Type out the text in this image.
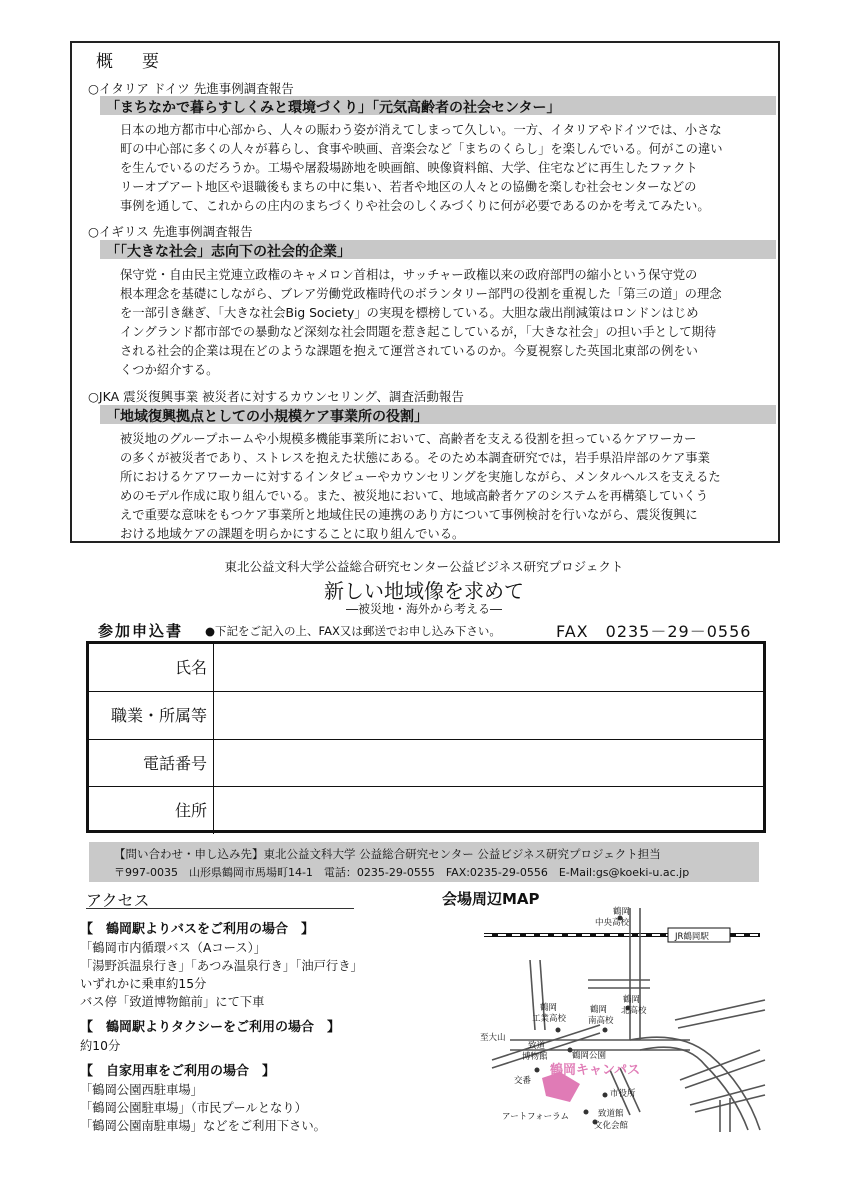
概　要
○イタリア ドイツ 先進事例調査報告
「まちなかで暮らすしくみと環境づくり」「元気高齢者の社会センター」
日本の地方都市中心部から、人々の賑わう姿が消えてしまって久しい。一方、イタリアやドイツでは、小さな
町の中心部に多くの人々が暮らし、食事や映画、音楽会など「まちのくらし」を楽しんでいる。何がこの違い
を生んでいるのだろうか。工場や屠殺場跡地を映画館、映像資料館、大学、住宅などに再生したファクト
リーオブアート地区や退職後もまちの中に集い、若者や地区の人々との協働を楽しむ社会センターなどの
事例を通して、これからの庄内のまちづくりや社会のしくみづくりに何が必要であるのかを考えてみたい。
○イギリス 先進事例調査報告
「「大きな社会」志向下の社会的企業」
保守党・自由民主党連立政権のキャメロン首相は，サッチャー政権以来の政府部門の縮小という保守党の
根本理念を基礎にしながら、ブレア労働党政権時代のボランタリー部門の役割を重視した「第三の道」の理念
を一部引き継ぎ、「大きな社会Big Society」の実現を標榜している。大胆な歳出削減策はロンドンはじめ
イングランド都市部での暴動など深刻な社会問題を惹き起こしているが，「大きな社会」の担い手として期待
される社会的企業は現在どのような課題を抱えて運営されているのか。今夏視察した英国北東部の例をい
くつか紹介する。
○JKA 震災復興事業 被災者に対するカウンセリング、調査活動報告
「地域復興拠点としての小規模ケア事業所の役割」
被災地のグループホームや小規模多機能事業所において、高齢者を支える役割を担っているケアワーカー
の多くが被災者であり、ストレスを抱えた状態にある。そのため本調査研究では，岩手県沿岸部のケア事業
所におけるケアワーカーに対するインタビューやカウンセリングを実施しながら、メンタルヘルスを支えるた
めのモデル作成に取り組んでいる。また、被災地において、地域高齢者ケアのシステムを再構築していくう
えで重要な意味をもつケア事業所と地域住民の連携のあり方について事例検討を行いながら、震災復興に
おける地域ケアの課題を明らかにすることに取り組んでいる。
東北公益文科大学公益総合研究センター公益ビジネス研究プロジェクト
新しい地域像を求めて
―被災地・海外から考える―
参加申込書 ●下記をご記入の上、FAX又は郵送でお申し込み下さい。	FAX　0235－29－0556
氏名
職業・所属等
電話番号
住所
【問い合わせ・申し込み先】東北公益文科大学 公益総合研究センター 公益ビジネス研究プロジェクト担当
〒997-0035　山形県鶴岡市馬場町14-1　電話：0235-29-0555　FAX:0235-29-0556　E-Mail:gs@koeki-u.ac.jp
アクセス
【　鶴岡駅よりバスをご利用の場合　】
「鶴岡市内循環バス（Aコース）」
「湯野浜温泉行き」「あつみ温泉行き」「油戸行き」
いずれかに乗車約15分
バス停「致道博物館前」にて下車
【　鶴岡駅よりタクシーをご利用の場合　】
約10分
【　自家用車をご利用の場合　】
「鶴岡公園西駐車場」
「鶴岡公園駐車場」（市民プールとなり）
「鶴岡公園南駐車場」などをご利用下さい。
会場周辺MAP
JR鶴岡駅
鶴岡キャンパス
鶴岡
中央高校
鶴岡
工業高校
鶴岡
南高校
鶴岡
北高校
至大山
致道
博物館	鶴岡公園
交番
市役所
アートフォーラム	致道館
文化会館
